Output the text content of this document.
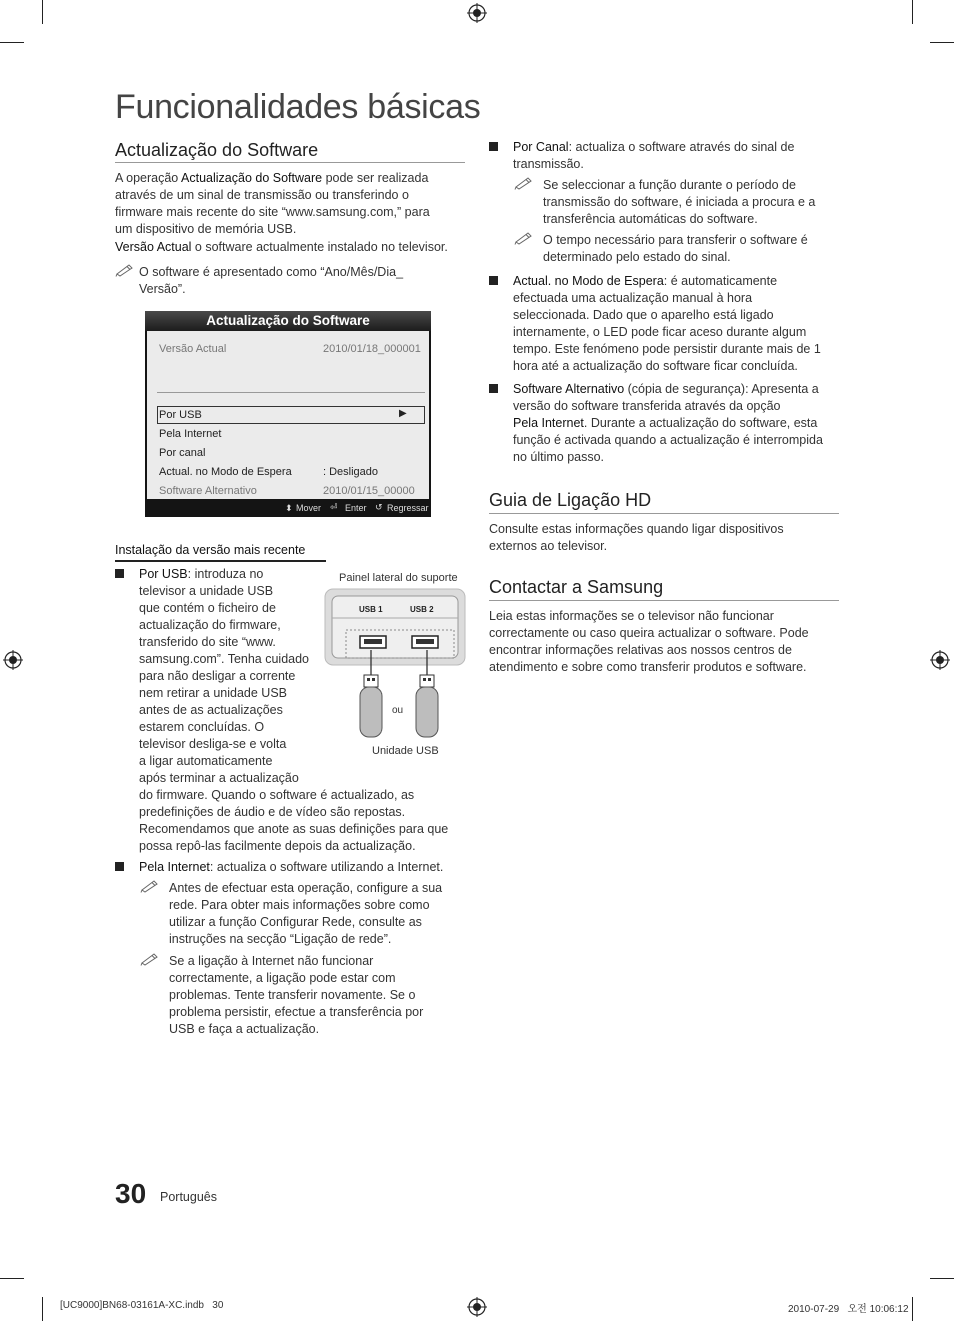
Funcionalidades básicas
Actualização do Software
A operação Actualização do Software pode ser realizada
através de um sinal de transmissão ou transferindo o
firmware mais recente do site “www.samsung.com,” para
um dispositivo de memória USB.
Versão Actual o software actualmente instalado no televisor.
O software é apresentado como “Ano/Mês/Dia_
Versão”.
Actualização do Software
Versão Actual	2010/01/18_000001
Por USB	▶
Pela Internet
Por canal
Actual. no Modo de Espera	: Desligado
Software Alternativo	2010/01/15_00000
⬍ Mover ⏎ Enter ↺ Regressar
Instalação da versão mais recente
Por USB: introduza no
televisor a unidade USB
que contém o ficheiro de
actualização do firmware,
transferido do site “www.
samsung.com”. Tenha cuidado
para não desligar a corrente
nem retirar a unidade USB
antes de as actualizações
estarem concluídas. O
televisor desliga-se e volta
a ligar automaticamente
após terminar a actualização
do firmware. Quando o software é actualizado, as
predefinições de áudio e de vídeo são repostas.
Recomendamos que anote as suas definições para que
possa repô-las facilmente depois da actualização.
Painel lateral do suporte
USB 1	USB 2
ou
Unidade USB
Pela Internet: actualiza o software utilizando a Internet.
Antes de efectuar esta operação, configure a sua
rede. Para obter mais informações sobre como
utilizar a função Configurar Rede, consulte as
instruções na secção “Ligação de rede”.
Se a ligação à Internet não funcionar
correctamente, a ligação pode estar com
problemas. Tente transferir novamente. Se o
problema persistir, efectue a transferência por
USB e faça a actualização.
Por Canal: actualiza o software através do sinal de
transmissão.
Se seleccionar a função durante o período de
transmissão do software, é iniciada a procura e a
transferência automáticas do software.
O tempo necessário para transferir o software é
determinado pelo estado do sinal.
Actual. no Modo de Espera: é automaticamente
efectuada uma actualização manual à hora
seleccionada. Dado que o aparelho está ligado
internamente, o LED pode ficar aceso durante algum
tempo. Este fenómeno pode persistir durante mais de 1
hora até a actualização do software ficar concluída.
Software Alternativo (cópia de segurança): Apresenta a
versão do software transferida através da opção
Pela Internet. Durante a actualização do software, esta
função é activada quando a actualização é interrompida
no último passo.
Guia de Ligação HD
Consulte estas informações quando ligar dispositivos
externos ao televisor.
Contactar a Samsung
Leia estas informações se o televisor não funcionar
correctamente ou caso queira actualizar o software. Pode
encontrar informações relativas aos nossos centros de
atendimento e sobre como transferir produtos e software.
30 Português
[UC9000]BN68-03161A-XC.indb   30	2010-07-29   오전 10:06:12
